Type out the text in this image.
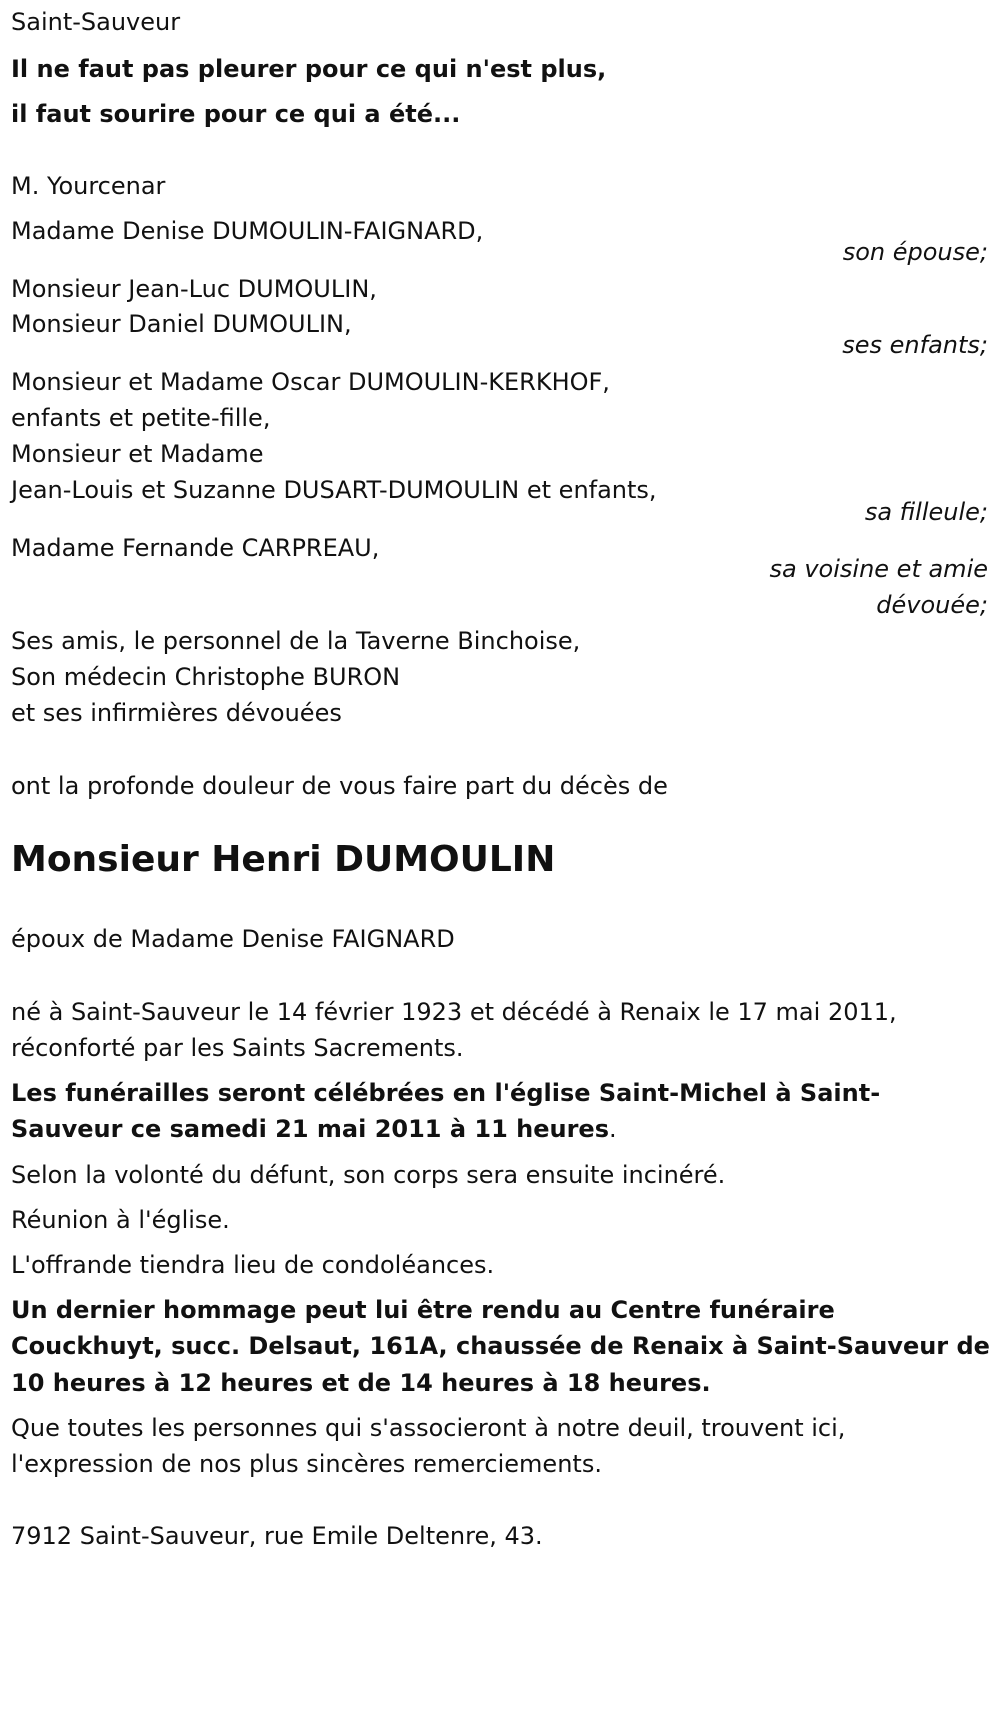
Saint-Sauveur

Il ne faut pas pleurer pour ce qui n'est plus,

il faut sourire pour ce qui a été...

M. Yourcenar

Madame Denise DUMOULIN-FAIGNARD,

son épouse;

Monsieur Jean-Luc DUMOULIN,

Monsieur Daniel DUMOULIN,

ses enfants;

Monsieur et Madame Oscar DUMOULIN-KERKHOF,

enfants et petite-fille,

Monsieur et Madame

Jean-Louis et Suzanne DUSART-DUMOULIN et enfants,

sa filleule;

Madame Fernande CARPREAU,

sa voisine et amie

dévouée;

Ses amis, le personnel de la Taverne Binchoise,

Son médecin Christophe BURON

et ses infirmières dévouées

ont la profonde douleur de vous faire part du décès de

Monsieur Henri DUMOULIN

époux de Madame Denise FAIGNARD

né à Saint-Sauveur le 14 février 1923 et décédé à Renaix le 17 mai 2011,

réconforté par les Saints Sacrements.

Les funérailles seront célébrées en l'église Saint-Michel à Saint-

Sauveur ce samedi 21 mai 2011 à 11 heures.

Selon la volonté du défunt, son corps sera ensuite incinéré.

Réunion à l'église.

L'offrande tiendra lieu de condoléances.

Un dernier hommage peut lui être rendu au Centre funéraire

Couckhuyt, succ. Delsaut, 161A, chaussée de Renaix à Saint-Sauveur de

10 heures à 12 heures et de 14 heures à 18 heures.

Que toutes les personnes qui s'associeront à notre deuil, trouvent ici,

l'expression de nos plus sincères remerciements.

7912 Saint-Sauveur, rue Emile Deltenre, 43.
